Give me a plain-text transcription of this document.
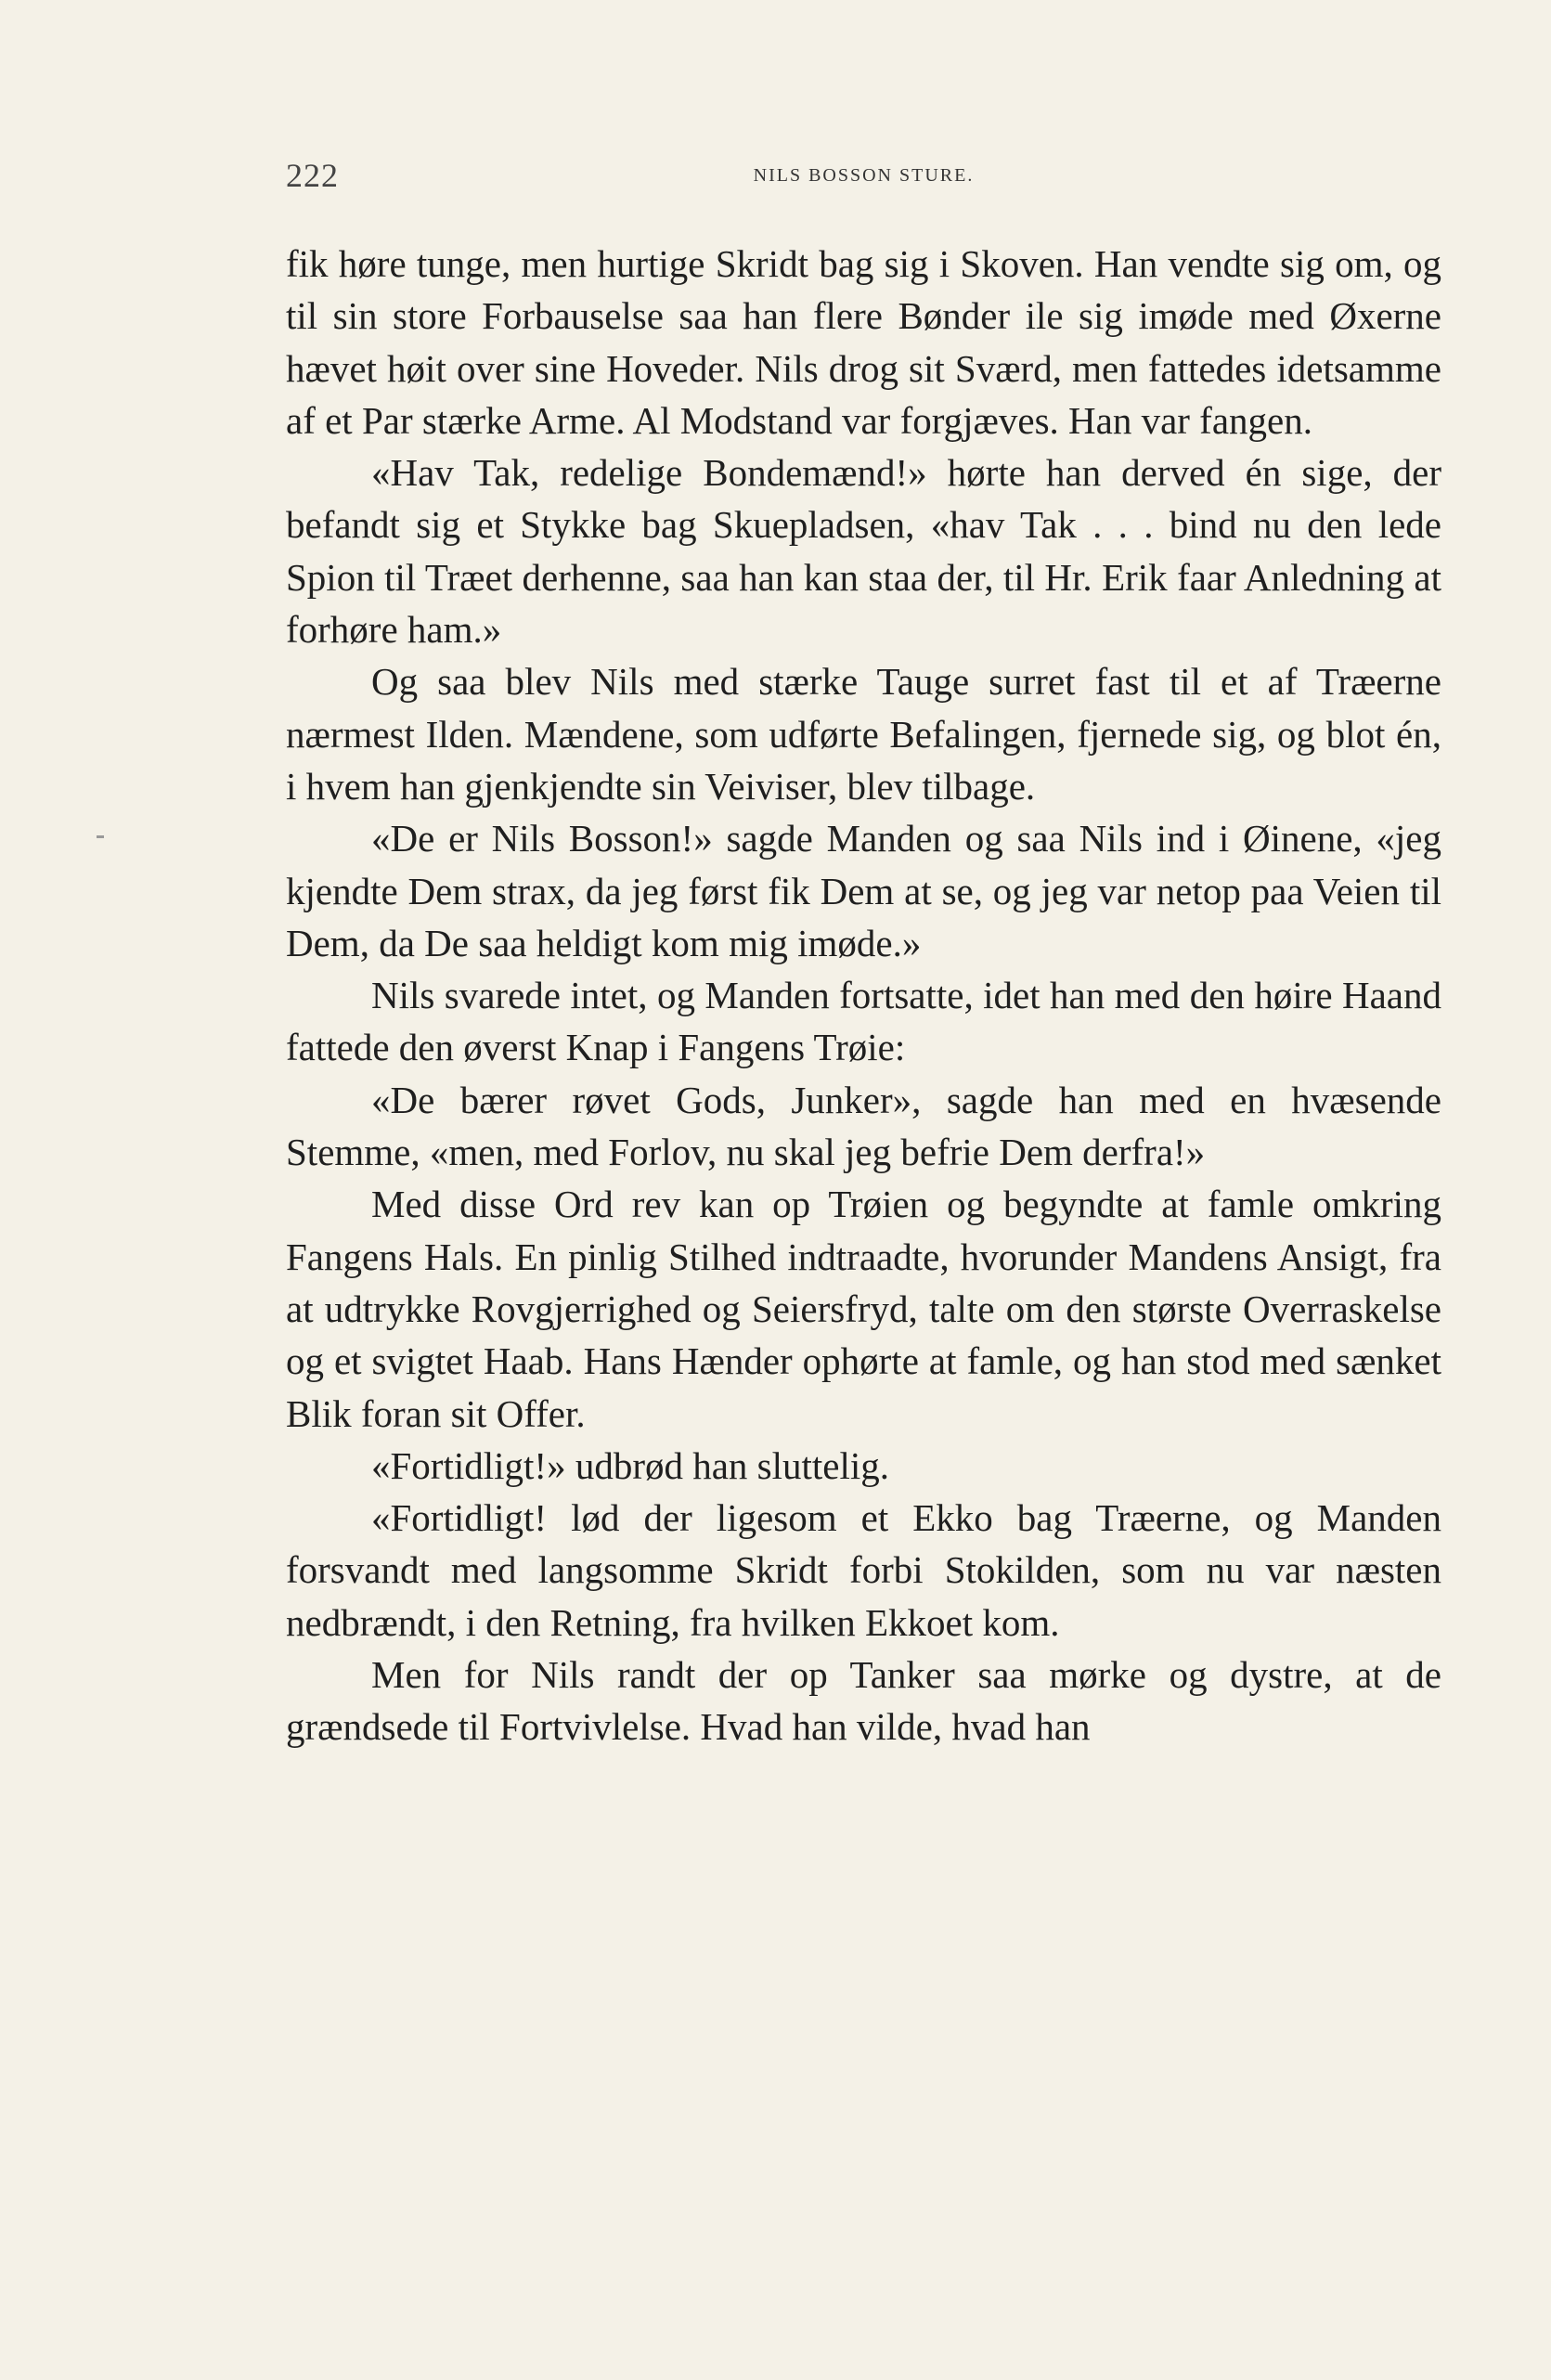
222	NILS BOSSON STURE.

fik høre tunge, men hurtige Skridt bag sig i Skoven. Han vendte sig om, og til sin store Forbauselse saa han flere Bønder ile sig imøde med Øxerne hævet høit over sine Hoveder. Nils drog sit Sværd, men fattedes idetsamme af et Par stærke Arme. Al Modstand var forgjæves. Han var fangen.

«Hav Tak, redelige Bondemænd!» hørte han derved én sige, der befandt sig et Stykke bag Skuepladsen, «hav Tak . . . bind nu den lede Spion til Træet derhenne, saa han kan staa der, til Hr. Erik faar Anledning at forhøre ham.»

Og saa blev Nils med stærke Tauge surret fast til et af Træerne nærmest Ilden. Mændene, som udførte Befalingen, fjernede sig, og blot én, i hvem han gjenkjendte sin Veiviser, blev tilbage.

«De er Nils Bosson!» sagde Manden og saa Nils ind i Øinene, «jeg kjendte Dem strax, da jeg først fik Dem at se, og jeg var netop paa Veien til Dem, da De saa heldigt kom mig imøde.»

Nils svarede intet, og Manden fortsatte, idet han med den høire Haand fattede den øverst Knap i Fangens Trøie:

«De bærer røvet Gods, Junker», sagde han med en hvæsende Stemme, «men, med Forlov, nu skal jeg befrie Dem derfra!»

Med disse Ord rev kan op Trøien og begyndte at famle omkring Fangens Hals. En pinlig Stilhed indtraadte, hvorunder Mandens Ansigt, fra at udtrykke Rovgjerrighed og Seiersfryd, talte om den største Overraskelse og et svigtet Haab. Hans Hænder ophørte at famle, og han stod med sænket Blik foran sit Offer.

«Fortidligt!» udbrød han sluttelig.

«Fortidligt! lød der ligesom et Ekko bag Træerne, og Manden forsvandt med langsomme Skridt forbi Stokilden, som nu var næsten nedbrændt, i den Retning, fra hvilken Ekkoet kom.

Men for Nils randt der op Tanker saa mørke og dystre, at de grændsede til Fortvivlelse. Hvad han vilde, hvad han
